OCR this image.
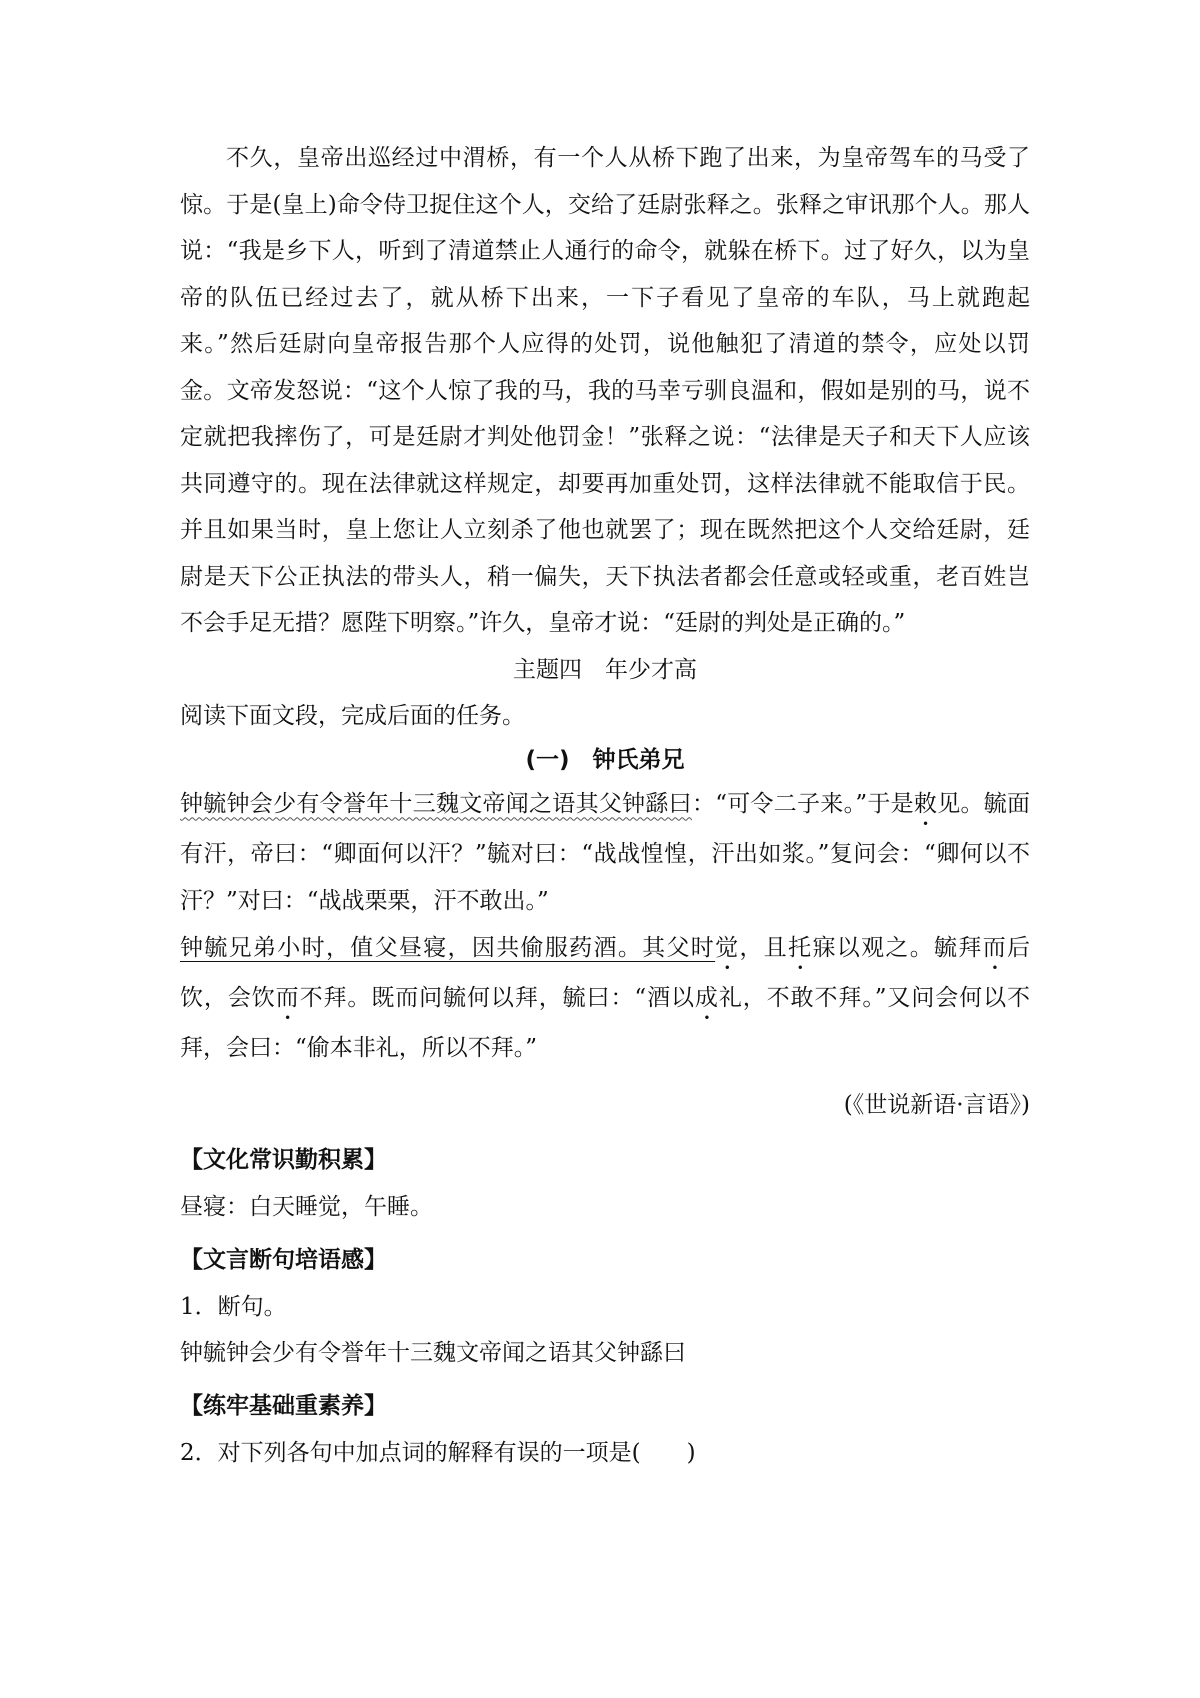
不久，皇帝出巡经过中渭桥，有一个人从桥下跑了出来，为皇帝驾车的马受了惊。于是(皇上)命令侍卫捉住这个人，交给了廷尉张释之。张释之审讯那个人。那人说：“我是乡下人，听到了清道禁止人通行的命令，就躲在桥下。过了好久，以为皇帝的队伍已经过去了，就从桥下出来，一下子看见了皇帝的车队，马上就跑起来。”然后廷尉向皇帝报告那个人应得的处罚，说他触犯了清道的禁令，应处以罚金。文帝发怒说：“这个人惊了我的马，我的马幸亏驯良温和，假如是别的马，说不定就把我摔伤了，可是廷尉才判处他罚金！”张释之说：“法律是天子和天下人应该共同遵守的。现在法律就这样规定，却要再加重处罚，这样法律就不能取信于民。并且如果当时，皇上您让人立刻杀了他也就罢了；现在既然把这个人交给廷尉，廷尉是天下公正执法的带头人，稍一偏失，天下执法者都会任意或轻或重，老百姓岂不会手足无措？愿陛下明察。”许久，皇帝才说：“廷尉的判处是正确的。”

主题四　年少才高

阅读下面文段，完成后面的任务。

(一)　钟氏弟兄

钟毓钟会少有令誉年十三魏文帝闻之语其父钟繇曰：“可令二子来。”于是敕见。毓面有汗，帝曰：“卿面何以汗？”毓对曰：“战战惶惶，汗出如浆。”复问会：“卿何以不汗？”对曰：“战战栗栗，汗不敢出。”

钟毓兄弟小时，值父昼寝，因共偷服药酒。其父时觉，且托寐以观之。毓拜而后饮，会饮而不拜。既而问毓何以拜，毓曰：“酒以成礼，不敢不拜。”又问会何以不拜，会曰：“偷本非礼，所以不拜。”

(《世说新语·言语》)

【文化常识勤积累】

昼寝：白天睡觉，午睡。

【文言断句培语感】

1．断句。

钟毓钟会少有令誉年十三魏文帝闻之语其父钟繇曰

【练牢基础重素养】

2．对下列各句中加点词的解释有误的一项是(　　)
